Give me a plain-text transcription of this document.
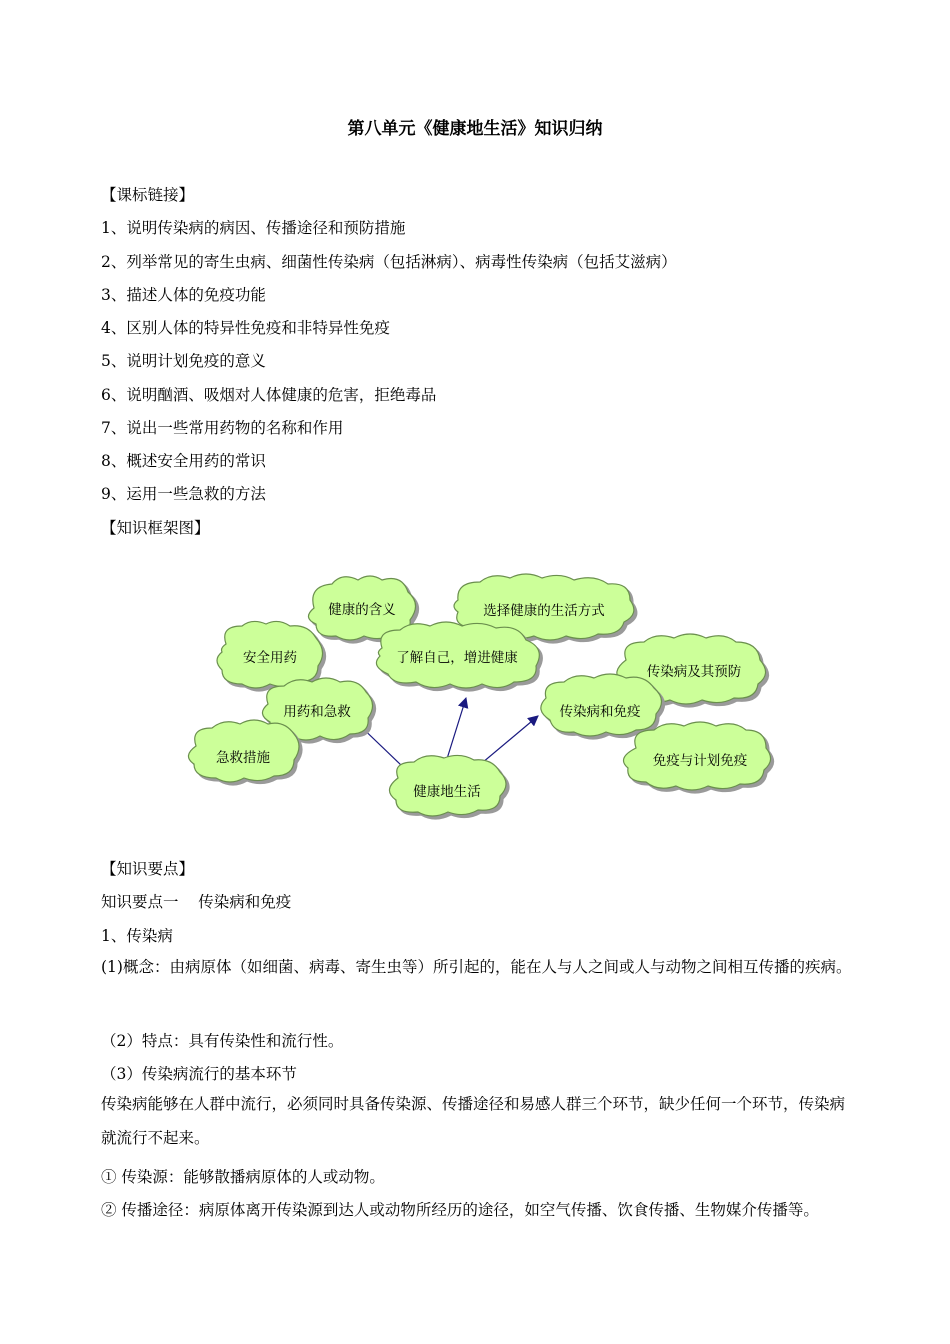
第八单元《健康地生活》知识归纳
【课标链接】
1、说明传染病的病因、传播途径和预防措施
2、列举常见的寄生虫病、细菌性传染病（包括淋病）、病毒性传染病（包括艾滋病）
3、描述人体的免疫功能
4、区别人体的特异性免疫和非特异性免疫
5、说明计划免疫的意义
6、说明酗酒、吸烟对人体健康的危害，拒绝毒品
7、说出一些常用药物的名称和作用
8、概述安全用药的常识
9、运用一些急救的方法
【知识框架图】
健康的含义	选择健康的生活方式
安全用药	了解自己，增进健康
传染病及其预防
用药和急救	传染病和免疫
急救措施	免疫与计划免疫
健康地生活
【知识要点】
知识要点一    传染病和免疫
1、传染病
(1)概念：由病原体（如细菌、病毒、寄生虫等）所引起的，能在人与人之间或人与动物之间相互传播的疾病。
（2）特点：具有传染性和流行性。
（3）传染病流行的基本环节
传染病能够在人群中流行，必须同时具备传染源、传播途径和易感人群三个环节，缺少任何一个环节，传染病就流行不起来。
① 传染源：能够散播病原体的人或动物。
② 传播途径：病原体离开传染源到达人或动物所经历的途径，如空气传播、饮食传播、生物媒介传播等。
